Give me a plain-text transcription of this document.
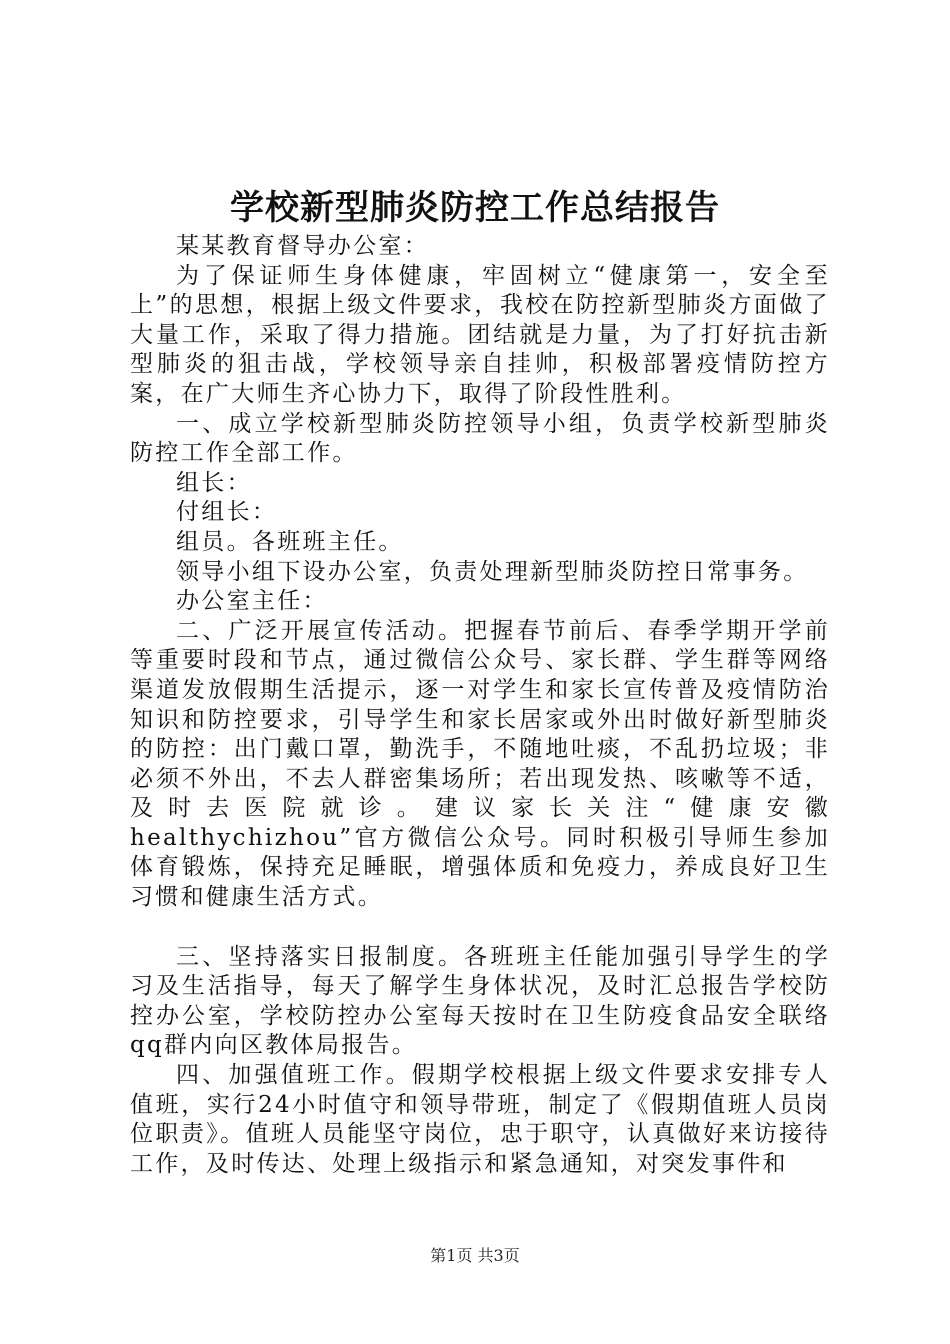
学校新型肺炎防控工作总结报告

某某教育督导办公室：

为了保证师生身体健康，牢固树立“健康第一，安全至上”的思想，根据上级文件要求，我校在防控新型肺炎方面做了大量工作，采取了得力措施。团结就是力量，为了打好抗击新型肺炎的狙击战，学校领导亲自挂帅，积极部署疫情防控方案，在广大师生齐心协力下，取得了阶段性胜利。

一、成立学校新型肺炎防控领导小组，负责学校新型肺炎防控工作全部工作。

组长：

付组长：

组员。各班班主任。

领导小组下设办公室，负责处理新型肺炎防控日常事务。

办公室主任：

二、广泛开展宣传活动。把握春节前后、春季学期开学前等重要时段和节点，通过微信公众号、家长群、学生群等网络渠道发放假期生活提示，逐一对学生和家长宣传普及疫情防治知识和防控要求，引导学生和家长居家或外出时做好新型肺炎的防控：出门戴口罩，勤洗手，不随地吐痰，不乱扔垃圾；非必须不外出，不去人群密集场所；若出现发热、咳嗽等不适，及时去医院就诊。建议家长关注“健康安徽healthychizhou”官方微信公众号。同时积极引导师生参加体育锻炼，保持充足睡眠，增强体质和免疫力，养成良好卫生习惯和健康生活方式。

三、坚持落实日报制度。各班班主任能加强引导学生的学习及生活指导，每天了解学生身体状况，及时汇总报告学校防控办公室，学校防控办公室每天按时在卫生防疫食品安全联络qq群内向区教体局报告。

四、加强值班工作。假期学校根据上级文件要求安排专人值班，实行24小时值守和领导带班，制定了《假期值班人员岗位职责》。值班人员能坚守岗位，忠于职守，认真做好来访接待工作，及时传达、处理上级指示和紧急通知，对突发事件和

第1页 共3页
